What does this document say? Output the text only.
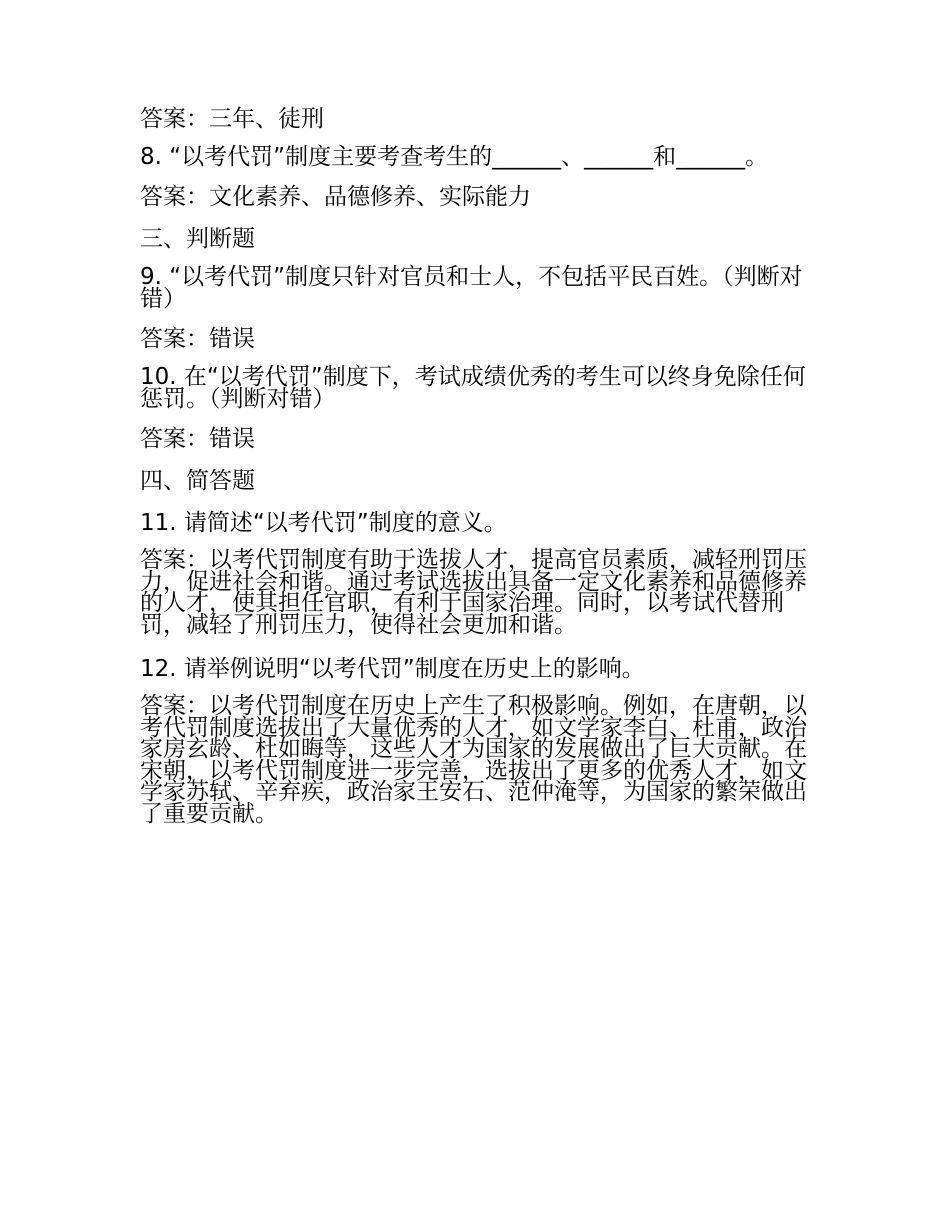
答案：三年、徒刑

8. “以考代罚”制度主要考查考生的______、______和______。

答案：文化素养、品德修养、实际能力

三、判断题

9. “以考代罚”制度只针对官员和士人，不包括平民百姓。（判断对错）

答案：错误

10. 在“以考代罚”制度下，考试成绩优秀的考生可以终身免除任何惩罚。（判断对错）

答案：错误

四、简答题

11. 请简述“以考代罚”制度的意义。

答案：以考代罚制度有助于选拔人才，提高官员素质，减轻刑罚压力，促进社会和谐。通过考试选拔出具备一定文化素养和品德修养的人才，使其担任官职，有利于国家治理。同时，以考试代替刑罚，减轻了刑罚压力，使得社会更加和谐。

12. 请举例说明“以考代罚”制度在历史上的影响。

答案：以考代罚制度在历史上产生了积极影响。例如，在唐朝，以考代罚制度选拔出了大量优秀的人才，如文学家李白、杜甫，政治家房玄龄、杜如晦等，这些人才为国家的发展做出了巨大贡献。在宋朝，以考代罚制度进一步完善，选拔出了更多的优秀人才，如文学家苏轼、辛弃疾，政治家王安石、范仲淹等，为国家的繁荣做出了重要贡献。
